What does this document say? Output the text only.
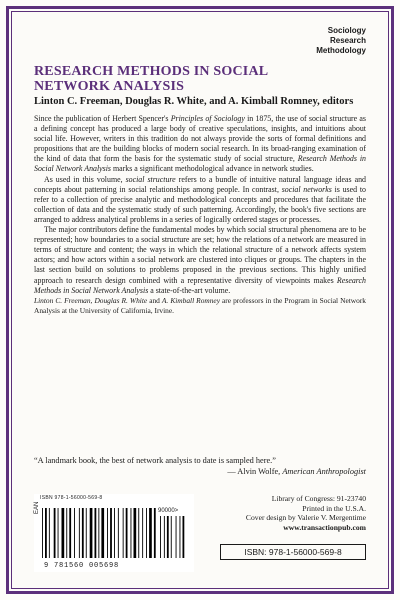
Sociology
Research
Methodology
RESEARCH METHODS IN SOCIAL
NETWORK ANALYSIS
Linton C. Freeman, Douglas R. White, and A. Kimball Romney, editors

Since the publication of Herbert Spencer's Principles of Sociology in 1875, the use of social structure as a defining concept has produced a large body of creative speculations, insights, and intuitions about social life. However, writers in this tradition do not always provide the sorts of formal definitions and propositions that are the building blocks of modern social research. In its broad-ranging examination of the kind of data that form the basis for the systematic study of social structure, Research Methods in Social Network Analysis marks a significant methodological advance in network studies.

As used in this volume, social structure refers to a bundle of intuitive natural language ideas and concepts about patterning in social relationships among people. In contrast, social networks is used to refer to a collection of precise analytic and methodological concepts and procedures that facilitate the collection of data and the systematic study of such patterning. Accordingly, the book's five sections are arranged to address analytical problems in a series of logically ordered stages or processes.

The major contributors define the fundamental modes by which social structural phenomena are to be represented; how boundaries to a social structure are set; how the relations of a network are measured in terms of structure and content; the ways in which the relational structure of a network affects system actors; and how actors within a social network are clustered into cliques or groups. The chapters in the last section build on solutions to problems proposed in the previous sections. This highly unified approach to research design combined with a representative diversity of viewpoints makes Research Methods in Social Network Analysis a state-of-the-art volume.

Linton C. Freeman, Douglas R. White and A. Kimball Romney are professors in the Program in Social Network Analysis at the University of California, Irvine.

“A landmark book, the best of network analysis to date is sampled here.”
— Alvin Wolfe, American Anthropologist
ISBN 978-1-56000-569-8
EAN	90000>
9 781560 005698
Library of Congress: 91-23740
Printed in the U.S.A.
Cover design by Valerie V. Mergentime
www.transactionpub.com
ISBN: 978-1-56000-569-8
